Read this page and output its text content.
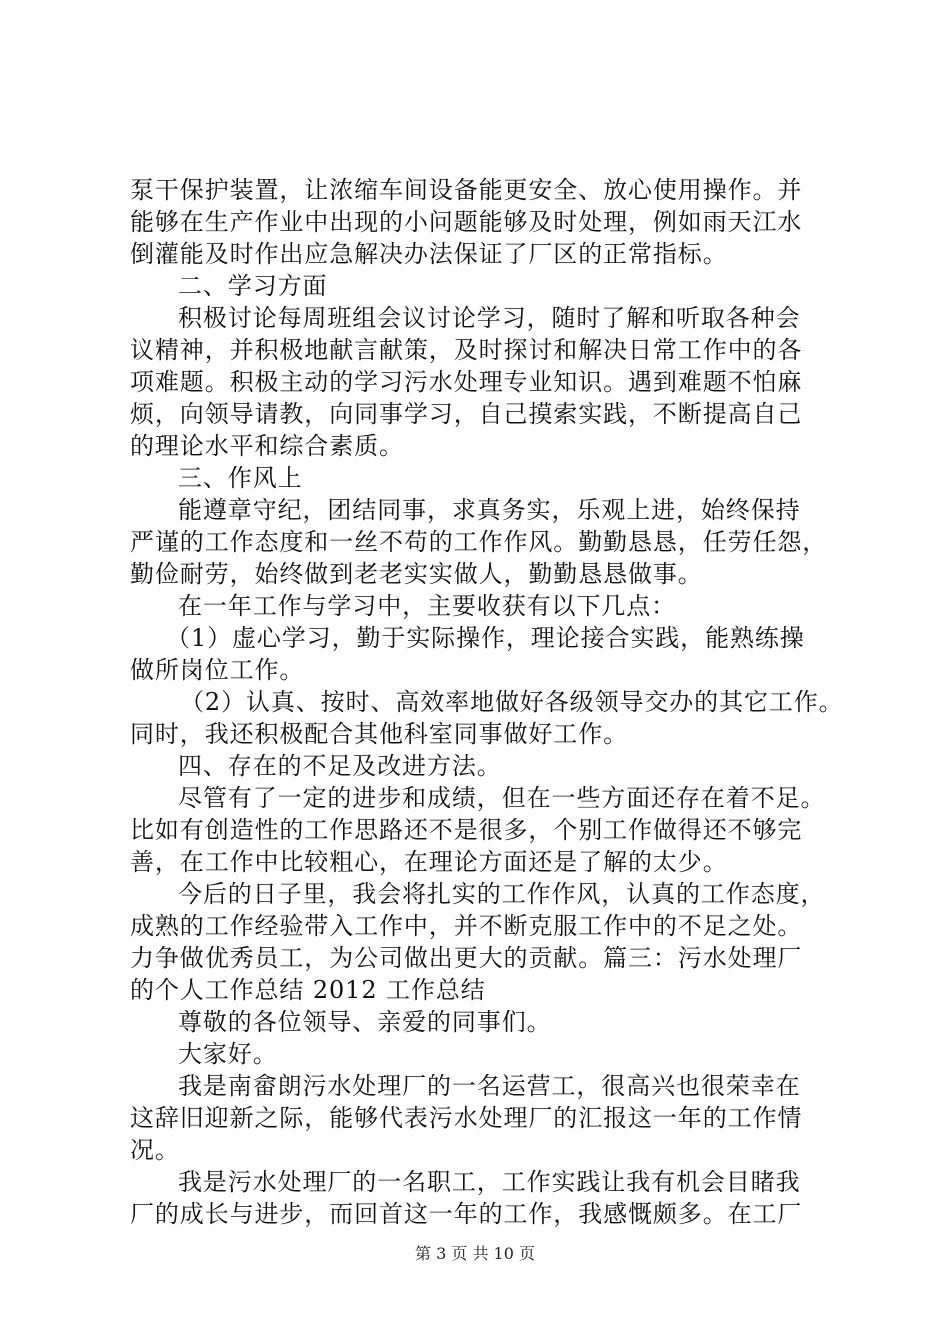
泵干保护装置，让浓缩车间设备能更安全、放心使用操作。并
能够在生产作业中出现的小问题能够及时处理，例如雨天江水
倒灌能及时作出应急解决办法保证了厂区的正常指标。
二、学习方面
积极讨论每周班组会议讨论学习，随时了解和听取各种会
议精神，并积极地献言献策，及时探讨和解决日常工作中的各
项难题。积极主动的学习污水处理专业知识。遇到难题不怕麻
烦，向领导请教，向同事学习，自己摸索实践，不断提高自己
的理论水平和综合素质。
三、作风上
能遵章守纪，团结同事，求真务实，乐观上进，始终保持
严谨的工作态度和一丝不苟的工作作风。勤勤恳恳，任劳任怨，
勤俭耐劳，始终做到老老实实做人，勤勤恳恳做事。
在一年工作与学习中，主要收获有以下几点：
（1）虚心学习，勤于实际操作，理论接合实践，能熟练操
做所岗位工作。
（2）认真、按时、高效率地做好各级领导交办的其它工作。
同时，我还积极配合其他科室同事做好工作。
四、存在的不足及改进方法。
尽管有了一定的进步和成绩，但在一些方面还存在着不足。
比如有创造性的工作思路还不是很多，个别工作做得还不够完
善，在工作中比较粗心，在理论方面还是了解的太少。
今后的日子里，我会将扎实的工作作风，认真的工作态度，
成熟的工作经验带入工作中，并不断克服工作中的不足之处。
力争做优秀员工，为公司做出更大的贡献。篇三：污水处理厂
的个人工作总结 2012 工作总结
尊敬的各位领导、亲爱的同事们。
大家好。
我是南畲朗污水处理厂的一名运营工，很高兴也很荣幸在
这辞旧迎新之际，能够代表污水处理厂的汇报这一年的工作情
况。
我是污水处理厂的一名职工，工作实践让我有机会目睹我
厂的成长与进步，而回首这一年的工作，我感慨颇多。在工厂
第 3 页 共 10 页
